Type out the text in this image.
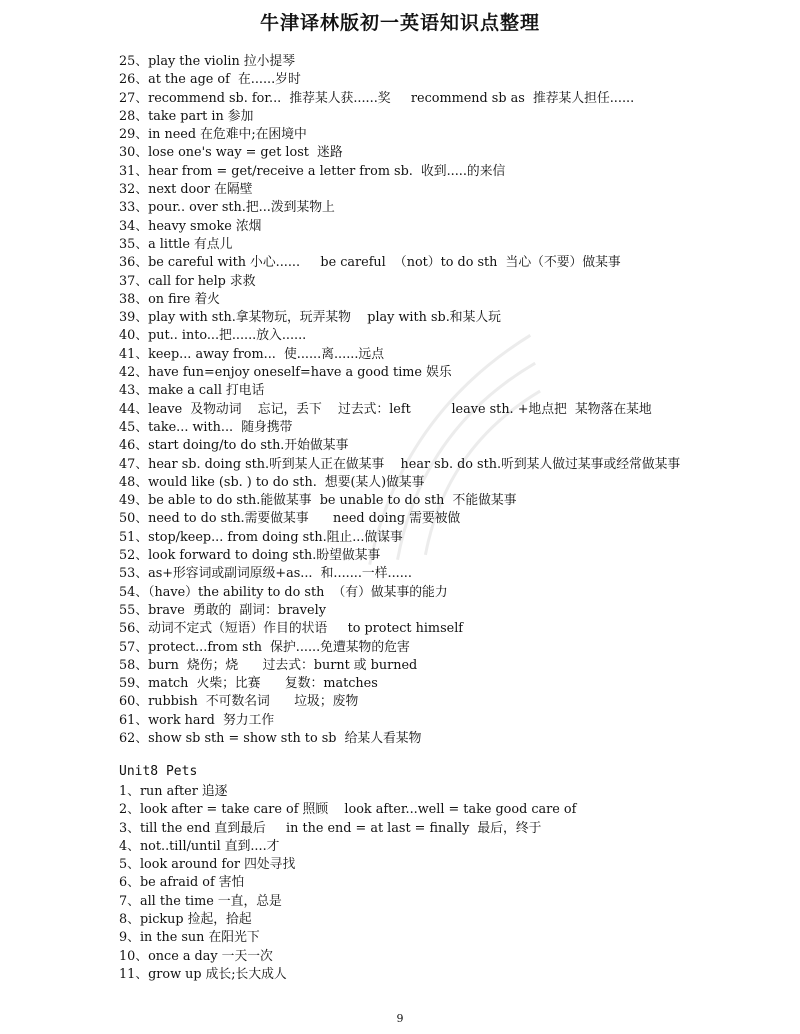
牛津译林版初一英语知识点整理
25、play the violin 拉小提琴
26、at the age of  在......岁时
27、recommend sb. for...  推荐某人获......奖     recommend sb as  推荐某人担任......
28、take part in 参加
29、in need 在危难中;在困境中
30、lose one's way = get lost  迷路
31、hear from = get/receive a letter from sb.  收到.....的来信
32、next door 在隔壁
33、pour.. over sth.把...泼到某物上
34、heavy smoke 浓烟
35、a little 有点儿
36、be careful with 小心......     be careful  （not）to do sth  当心（不要）做某事
37、call for help 求救
38、on fire 着火
39、play with sth.拿某物玩，玩弄某物    play with sb.和某人玩
40、put.. into...把......放入......
41、keep... away from...  使......离......远点
42、have fun=enjoy oneself=have a good time 娱乐
43、make a call 打电话
44、leave  及物动词    忘记，丢下    过去式：left          leave sth. +地点把  某物落在某地
45、take... with...  随身携带
46、start doing/to do sth.开始做某事
47、hear sb. doing sth.听到某人正在做某事    hear sb. do sth.听到某人做过某事或经常做某事
48、would like (sb. ) to do sth.  想要(某人)做某事
49、be able to do sth.能做某事  be unable to do sth  不能做某事
50、need to do sth.需要做某事      need doing 需要被做
51、stop/keep... from doing sth.阻止...做谋事
52、look forward to doing sth.盼望做某事
53、as+形容词或副词原级+as...  和.......一样......
54、（have）the ability to do sth  （有）做某事的能力
55、brave  勇敢的  副词：bravely
56、动词不定式（短语）作目的状语     to protect himself
57、protect...from sth  保护......免遭某物的危害
58、burn  烧伤；烧      过去式：burnt 或 burned
59、match  火柴；比赛      复数：matches
60、rubbish  不可数名词      垃圾；废物
61、work hard  努力工作
62、show sb sth = show sth to sb  给某人看某物
Unit8 Pets
1、run after 追逐
2、look after = take care of 照顾    look after...well = take good care of
3、till the end 直到最后     in the end = at last = finally  最后，终于
4、not..till/until 直到....才
5、look around for 四处寻找
6、be afraid of 害怕
7、all the time 一直，总是
8、pickup 捡起，拾起
9、in the sun 在阳光下
10、once a day 一天一次
11、grow up 成长;长大成人
9
